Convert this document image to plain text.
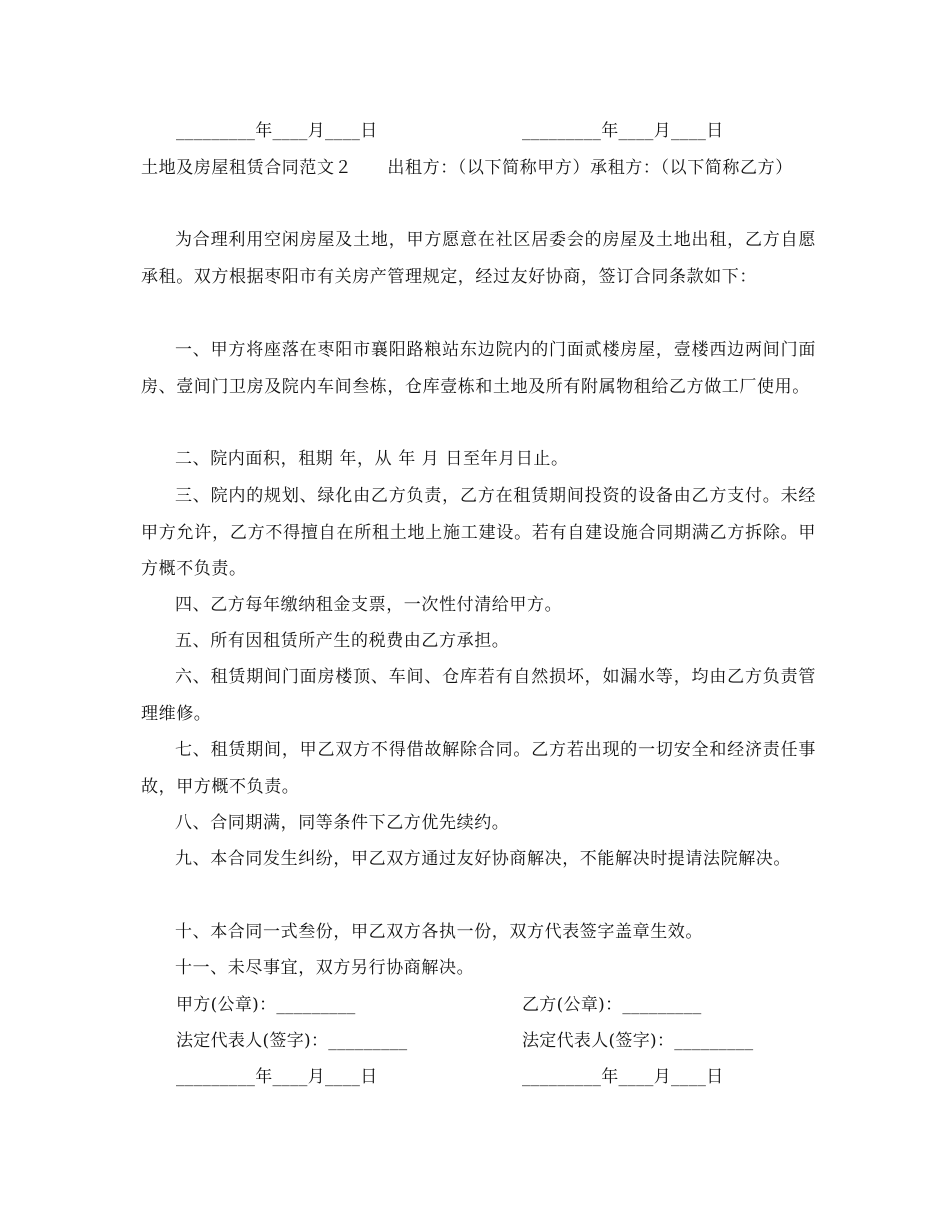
_________年____月____日	_________年____月____日
土地及房屋租赁合同范文２　　出租方：（以下简称甲方）承租方：（以下简称乙方）
为合理利用空闲房屋及土地，甲方愿意在社区居委会的房屋及土地出租，乙方自愿承租。双方根据枣阳市有关房产管理规定，经过友好协商，签订合同条款如下：
一、甲方将座落在枣阳市襄阳路粮站东边院内的门面贰楼房屋，壹楼西边两间门面房、壹间门卫房及院内车间叁栋，仓库壹栋和土地及所有附属物租给乙方做工厂使用。
二、院内面积，租期 年，从 年 月 日至年月日止。
三、院内的规划、绿化由乙方负责，乙方在租赁期间投资的设备由乙方支付。未经甲方允许，乙方不得擅自在所租土地上施工建设。若有自建设施合同期满乙方拆除。甲方概不负责。
四、乙方每年缴纳租金支票，一次性付清给甲方。
五、所有因租赁所产生的税费由乙方承担。
六、租赁期间门面房楼顶、车间、仓库若有自然损坏，如漏水等，均由乙方负责管理维修。
七、租赁期间，甲乙双方不得借故解除合同。乙方若出现的一切安全和经济责任事故，甲方概不负责。
八、合同期满，同等条件下乙方优先续约。
九、本合同发生纠纷，甲乙双方通过友好协商解决，不能解决时提请法院解决。
十、本合同一式叁份，甲乙双方各执一份，双方代表签字盖章生效。
十一、未尽事宜，双方另行协商解决。
甲方(公章)：_________	乙方(公章)：_________
法定代表人(签字)：_________	法定代表人(签字)：_________
_________年____月____日	_________年____月____日
